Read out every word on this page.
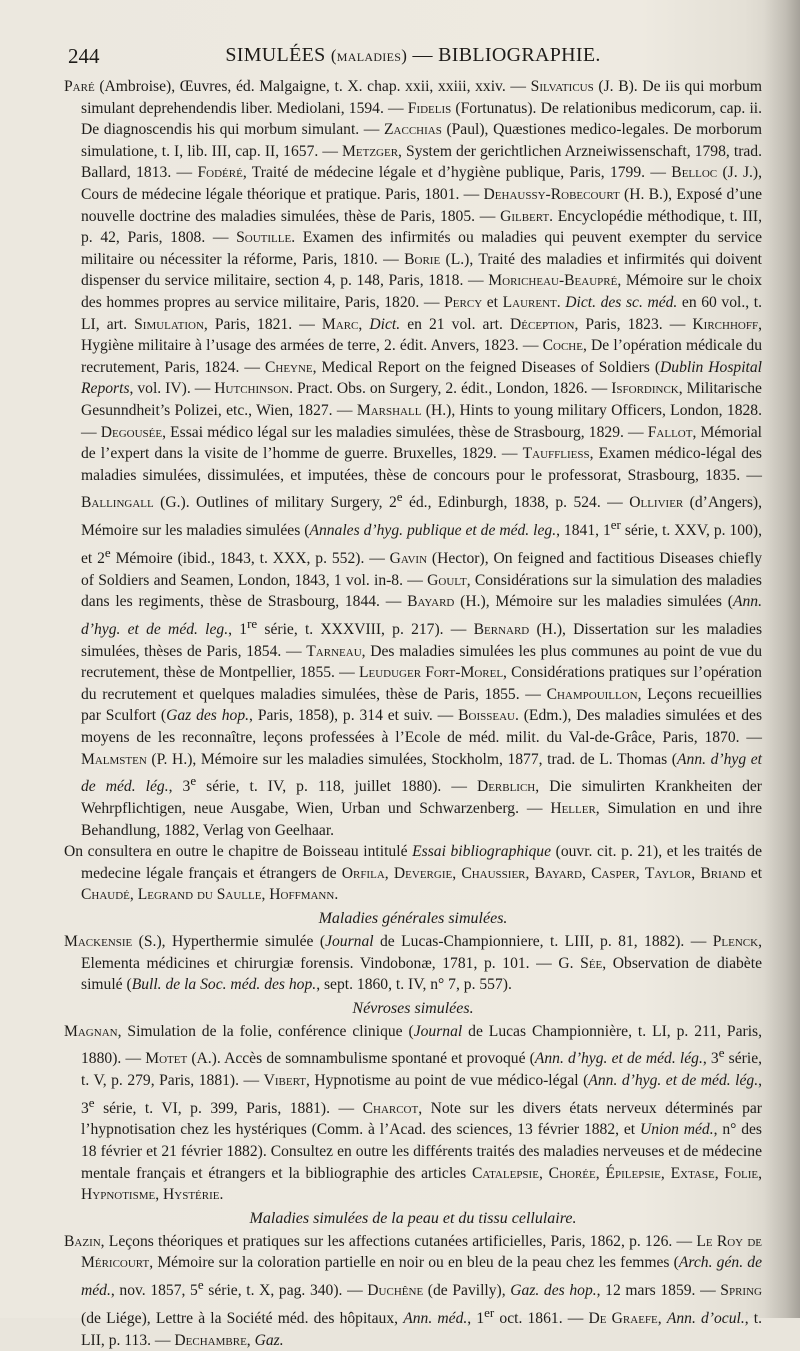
244	SIMULÉES (maladies) — BIBLIOGRAPHIE.

Paré (Ambroise), Œuvres, éd. Malgaigne, t. X. chap. xxii, xxiii, xxiv. — Silvaticus (J. B). De iis qui morbum simulant deprehendendis liber. Mediolani, 1594. — Fidelis (Fortunatus). De relationibus medicorum, cap. ii. De diagnoscendis his qui morbum simulant. — Zacchias (Paul), Quæstiones medico-legales. De morborum simulatione, t. I, lib. III, cap. II, 1657. — Metzger, System der gerichtlichen Arzneiwissenschaft, 1798, trad. Ballard, 1813. — Fodéré, Traité de médecine légale et d’hygiène publique, Paris, 1799. — Belloc (J. J.), Cours de médecine légale théorique et pratique. Paris, 1801. — Dehaussy-Robecourt (H. B.), Exposé d’une nouvelle doctrine des maladies simulées, thèse de Paris, 1805. — Gilbert. Encyclopédie méthodique, t. III, p. 42, Paris, 1808. — Soutille. Examen des infirmités ou maladies qui peuvent exempter du service militaire ou nécessiter la réforme, Paris, 1810. — Borie (L.), Traité des maladies et infirmités qui doivent dispenser du service militaire, section 4, p. 148, Paris, 1818. — Moricheau-Beaupré, Mémoire sur le choix des hommes propres au service militaire, Paris, 1820. — Percy et Laurent. Dict. des sc. méd. en 60 vol., t. LI, art. Simulation, Paris, 1821. — Marc, Dict. en 21 vol. art. Déception, Paris, 1823. — Kirchhoff, Hygiène militaire à l’usage des armées de terre, 2. édit. Anvers, 1823. — Coche, De l’opération médicale du recrutement, Paris, 1824. — Cheyne, Medical Report on the feigned Diseases of Soldiers (Dublin Hospital Reports, vol. IV). — Hutchinson. Pract. Obs. on Surgery, 2. édit., London, 1826. — Isfordinck, Militarische Gesunndheit’s Polizei, etc., Wien, 1827. — Marshall (H.), Hints to young military Officers, London, 1828. — Degousée, Essai médico légal sur les maladies simulées, thèse de Strasbourg, 1829. — Fallot, Mémorial de l’expert dans la visite de l’homme de guerre. Bruxelles, 1829. — Tauffließ, Examen médico-légal des maladies simulées, dissimulées, et imputées, thèse de concours pour le professorat, Strasbourg, 1835. — Ballingall (G.). Outlines of military Surgery, 2e éd., Edinburgh, 1838, p. 524. — Ollivier (d’Angers), Mémoire sur les maladies simulées (Annales d’hyg. publique et de méd. leg., 1841, 1er série, t. XXV, p. 100), et 2e Mémoire (ibid., 1843, t. XXX, p. 552). — Gavin (Hector), On feigned and factitious Diseases chiefly of Soldiers and Seamen, London, 1843, 1 vol. in-8. — Goult, Considérations sur la simulation des maladies dans les regiments, thèse de Strasbourg, 1844. — Bayard (H.), Mémoire sur les maladies simulées (Ann. d’hyg. et de méd. leg., 1re série, t. XXXVIII, p. 217). — Bernard (H.), Dissertation sur les maladies simulées, thèses de Paris, 1854. — Tarneau, Des maladies simulées les plus communes au point de vue du recrutement, thèse de Montpellier, 1855. — Leuduger Fort-Morel, Considérations pratiques sur l’opération du recrutement et quelques maladies simulées, thèse de Paris, 1855. — Champouillon, Leçons recueillies par Sculfort (Gaz des hop., Paris, 1858), p. 314 et suiv. — Boisseau. (Edm.), Des maladies simulées et des moyens de les reconnaître, leçons professées à l’Ecole de méd. milit. du Val-de-Grâce, Paris, 1870. — Malmsten (P. H.), Mémoire sur les maladies simulées, Stockholm, 1877, trad. de L. Thomas (Ann. d’hyg et de méd. lég., 3e série, t. IV, p. 118, juillet 1880). — Derblich, Die simulirten Krankheiten der Wehrpflichtigen, neue Ausgabe, Wien, Urban und Schwarzenberg. — Heller, Simulation en und ihre Behandlung, 1882, Verlag von Geelhaar.

On consultera en outre le chapitre de Boisseau intitulé Essai bibliographique (ouvr. cit. p. 21), et les traités de medecine légale français et étrangers de Orfila, Devergie, Chaussier, Bayard, Casper, Taylor, Briand et Chaudé, Legrand du Saulle, Hoffmann.

Maladies générales simulées.

Mackensie (S.), Hyperthermie simulée (Journal de Lucas-Championniere, t. LIII, p. 81, 1882). — Plenck, Elementa médicines et chirurgiæ forensis. Vindobonæ, 1781, p. 101. — G. Sée, Observation de diabète simulé (Bull. de la Soc. méd. des hop., sept. 1860, t. IV, n° 7, p. 557).

Névroses simulées.

Magnan, Simulation de la folie, conférence clinique (Journal de Lucas Championnière, t. LI, p. 211, Paris, 1880). — Motet (A.). Accès de somnambulisme spontané et provoqué (Ann. d’hyg. et de méd. lég., 3e série, t. V, p. 279, Paris, 1881). — Vibert, Hypnotisme au point de vue médico-légal (Ann. d’hyg. et de méd. lég., 3e série, t. VI, p. 399, Paris, 1881). — Charcot, Note sur les divers états nerveux déterminés par l’hypnotisation chez les hystériques (Comm. à l’Acad. des sciences, 13 février 1882, et Union méd., n° des 18 février et 21 février 1882). Consultez en outre les différents traités des maladies nerveuses et de médecine mentale français et étrangers et la bibliographie des articles Catalepsie, Chorée, Épilepsie, Extase, Folie, Hypnotisme, Hystérie.

Maladies simulées de la peau et du tissu cellulaire.

Bazin, Leçons théoriques et pratiques sur les affections cutanées artificielles, Paris, 1862, p. 126. — Le Roy de Méricourt, Mémoire sur la coloration partielle en noir ou en bleu de la peau chez les femmes (Arch. gén. de méd., nov. 1857, 5e série, t. X, pag. 340). — Duchêne (de Pavilly), Gaz. des hop., 12 mars 1859. — Spring (de Liége), Lettre à la Société méd. des hôpitaux, Ann. méd., 1er oct. 1861. — De Graefe, Ann. d’ocul., t. LII, p. 113. — Dechambre, Gaz.
